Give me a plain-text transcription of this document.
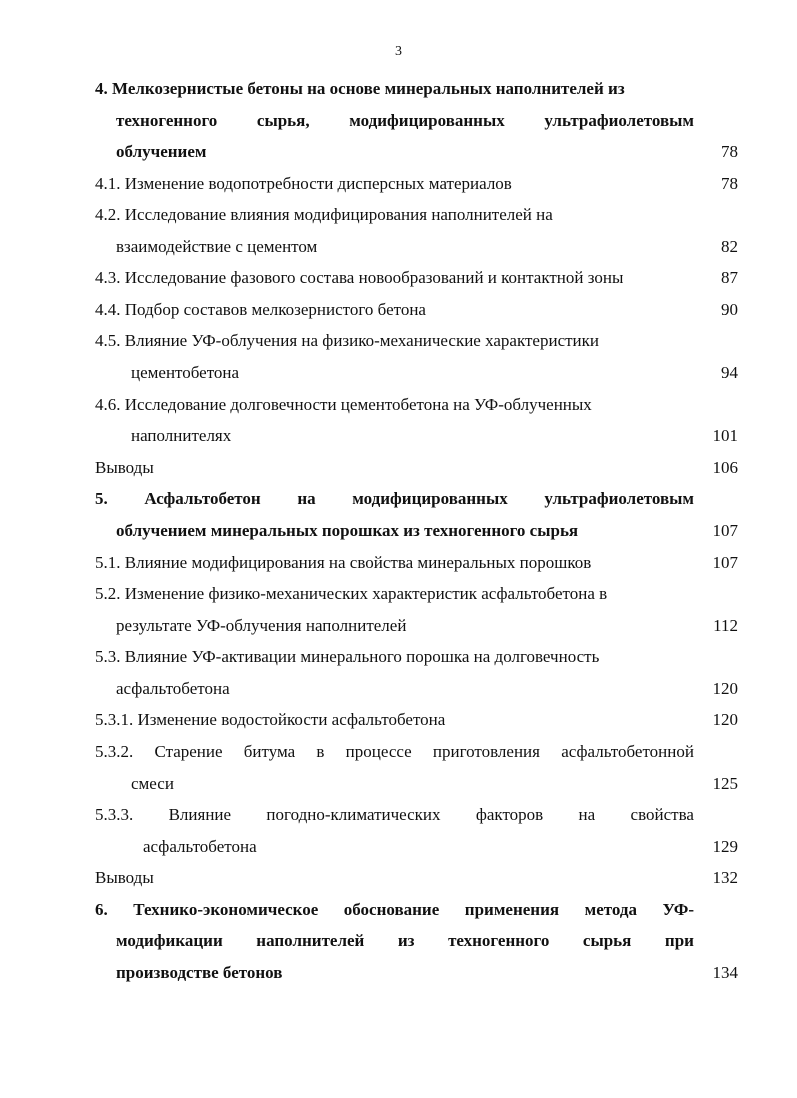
3
4. Мелкозернистые бетоны на основе минеральных наполнителей из
техногенного сырья, модифицированных ультрафиолетовым
облучением	78
4.1. Изменение водопотребности дисперсных материалов	78
4.2. Исследование влияния модифицирования наполнителей на
взаимодействие с цементом	82
4.3. Исследование фазового состава новообразований и контактной зоны	87
4.4. Подбор составов мелкозернистого бетона	90
4.5. Влияние УФ-облучения на физико-механические характеристики
цементобетона	94
4.6. Исследование долговечности цементобетона на УФ-облученных
наполнителях	101
Выводы	106
5. Асфальтобетон на модифицированных ультрафиолетовым
облучением минеральных порошках из техногенного сырья	107
5.1. Влияние модифицирования на свойства минеральных порошков	107
5.2. Изменение физико-механических характеристик асфальтобетона в
результате УФ-облучения наполнителей	112
5.3. Влияние УФ-активации минерального порошка на долговечность
асфальтобетона	120
5.3.1. Изменение водостойкости асфальтобетона	120
5.3.2. Старение битума в процессе приготовления асфальтобетонной
смеси	125
5.3.3. Влияние погодно-климатических факторов на свойства
асфальтобетона	129
Выводы	132
6. Технико-экономическое обоснование применения метода УФ-
модификации наполнителей из техногенного сырья при
производстве бетонов	134
